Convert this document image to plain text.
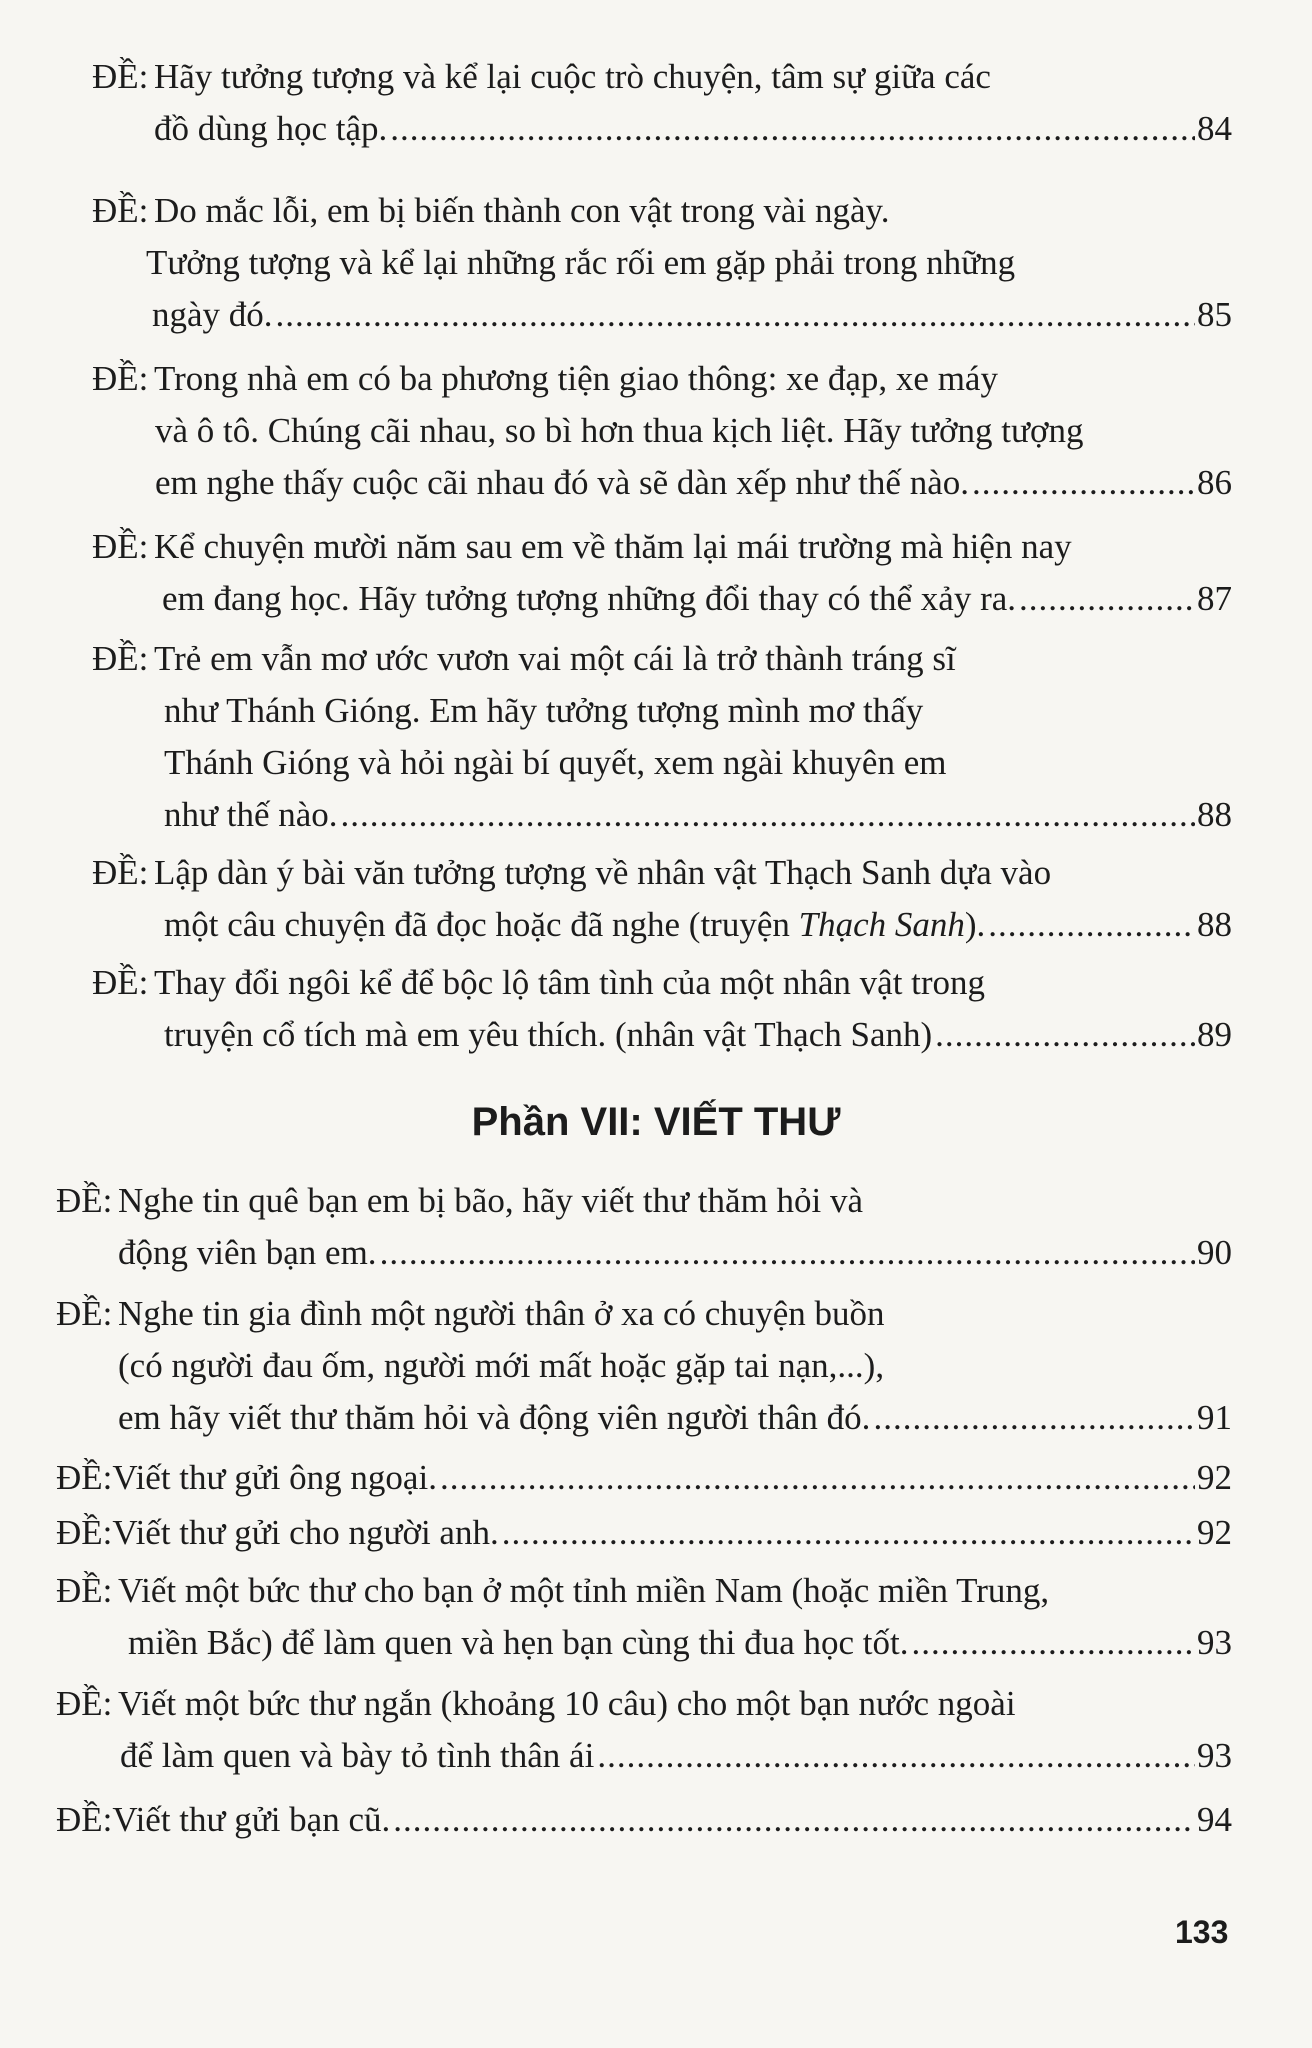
ĐỀ: Hãy tưởng tượng và kể lại cuộc trò chuyện, tâm sự giữa các
đồ dùng học tập. .....	84
ĐỀ: Do mắc lỗi, em bị biến thành con vật trong vài ngày.
Tưởng tượng và kể lại những rắc rối em gặp phải trong những
ngày đó. .....	85
ĐỀ: Trong nhà em có ba phương tiện giao thông: xe đạp, xe máy
và ô tô. Chúng cãi nhau, so bì hơn thua kịch liệt. Hãy tưởng tượng
em nghe thấy cuộc cãi nhau đó và sẽ dàn xếp như thế nào. .....	86
ĐỀ: Kể chuyện mười năm sau em về thăm lại mái trường mà hiện nay
em đang học. Hãy tưởng tượng những đổi thay có thể xảy ra. .....	87
ĐỀ: Trẻ em vẫn mơ ước vươn vai một cái là trở thành tráng sĩ
như Thánh Gióng. Em hãy tưởng tượng mình mơ thấy
Thánh Gióng và hỏi ngài bí quyết, xem ngài khuyên em
như thế nào. .....	88
ĐỀ: Lập dàn ý bài văn tưởng tượng về nhân vật Thạch Sanh dựa vào
một câu chuyện đã đọc hoặc đã nghe (truyện Thạch Sanh). .....	88
ĐỀ: Thay đổi ngôi kể để bộc lộ tâm tình của một nhân vật trong
truyện cổ tích mà em yêu thích. (nhân vật Thạch Sanh) .....	89
Phần VII: VIẾT THƯ
ĐỀ: Nghe tin quê bạn em bị bão, hãy viết thư thăm hỏi và
động viên bạn em. .....	90
ĐỀ: Nghe tin gia đình một người thân ở xa có chuyện buồn
(có người đau ốm, người mới mất hoặc gặp tai nạn,...),
em hãy viết thư thăm hỏi và động viên người thân đó. .....	91
ĐỀ: Viết thư gửi ông ngoại. .....	92
ĐỀ: Viết thư gửi cho người anh. .....	92
ĐỀ: Viết một bức thư cho bạn ở một tỉnh miền Nam (hoặc miền Trung,
miền Bắc) để làm quen và hẹn bạn cùng thi đua học tốt. .....	93
ĐỀ: Viết một bức thư ngắn (khoảng 10 câu) cho một bạn nước ngoài
để làm quen và bày tỏ tình thân ái .....	93
ĐỀ: Viết thư gửi bạn cũ. .....	94
133
